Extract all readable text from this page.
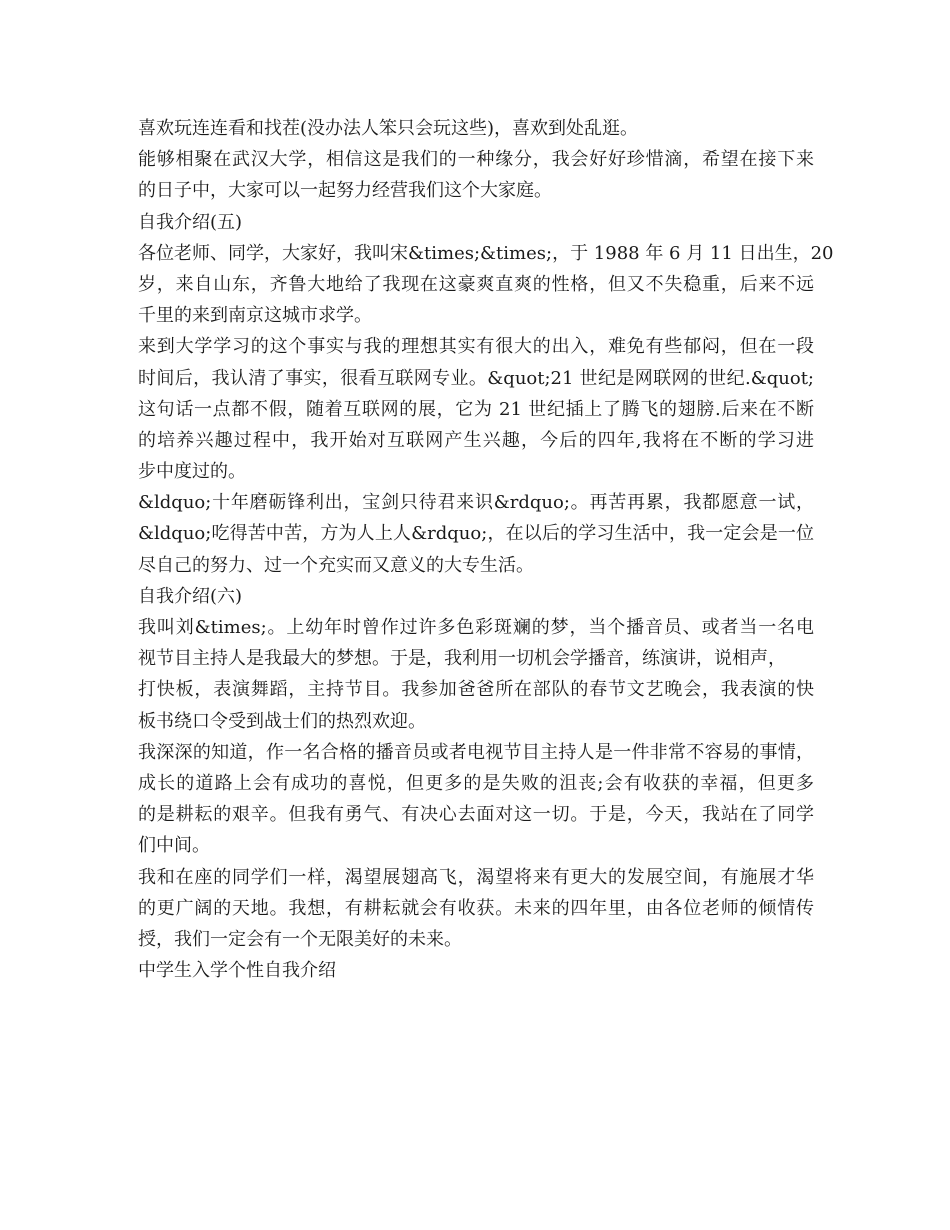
喜欢玩连连看和找茬(没办法人笨只会玩这些)，喜欢到处乱逛。
能够相聚在武汉大学，相信这是我们的一种缘分，我会好好珍惜滴，希望在接下来
的日子中，大家可以一起努力经营我们这个大家庭。
自我介绍(五)
各位老师、同学，大家好，我叫宋&times;&times;，于 1988 年 6 月 11 日出生，20
岁，来自山东，齐鲁大地给了我现在这豪爽直爽的性格，但又不失稳重，后来不远
千里的来到南京这城市求学。
来到大学学习的这个事实与我的理想其实有很大的出入，难免有些郁闷，但在一段
时间后，我认清了事实，很看互联网专业。&quot;21 世纪是网联网的世纪.&quot;
这句话一点都不假，随着互联网的展，它为 21 世纪插上了腾飞的翅膀.后来在不断
的培养兴趣过程中，我开始对互联网产生兴趣，今后的四年,我将在不断的学习进
步中度过的。
&ldquo;十年磨砺锋利出，宝剑只待君来识&rdquo;。再苦再累，我都愿意一试，
&ldquo;吃得苦中苦，方为人上人&rdquo;，在以后的学习生活中，我一定会是一位
尽自己的努力、过一个充实而又意义的大专生活。
自我介绍(六)
我叫刘&times;。上幼年时曾作过许多色彩斑斓的梦，当个播音员、或者当一名电
视节目主持人是我最大的梦想。于是，我利用一切机会学播音，练演讲，说相声，
打快板，表演舞蹈，主持节目。我参加爸爸所在部队的春节文艺晚会，我表演的快
板书绕口令受到战士们的热烈欢迎。
我深深的知道，作一名合格的播音员或者电视节目主持人是一件非常不容易的事情，
成长的道路上会有成功的喜悦，但更多的是失败的沮丧;会有收获的幸福，但更多
的是耕耘的艰辛。但我有勇气、有决心去面对这一切。于是，今天，我站在了同学
们中间。
我和在座的同学们一样，渴望展翅高飞，渴望将来有更大的发展空间，有施展才华
的更广阔的天地。我想，有耕耘就会有收获。未来的四年里，由各位老师的倾情传
授，我们一定会有一个无限美好的未来。
中学生入学个性自我介绍
